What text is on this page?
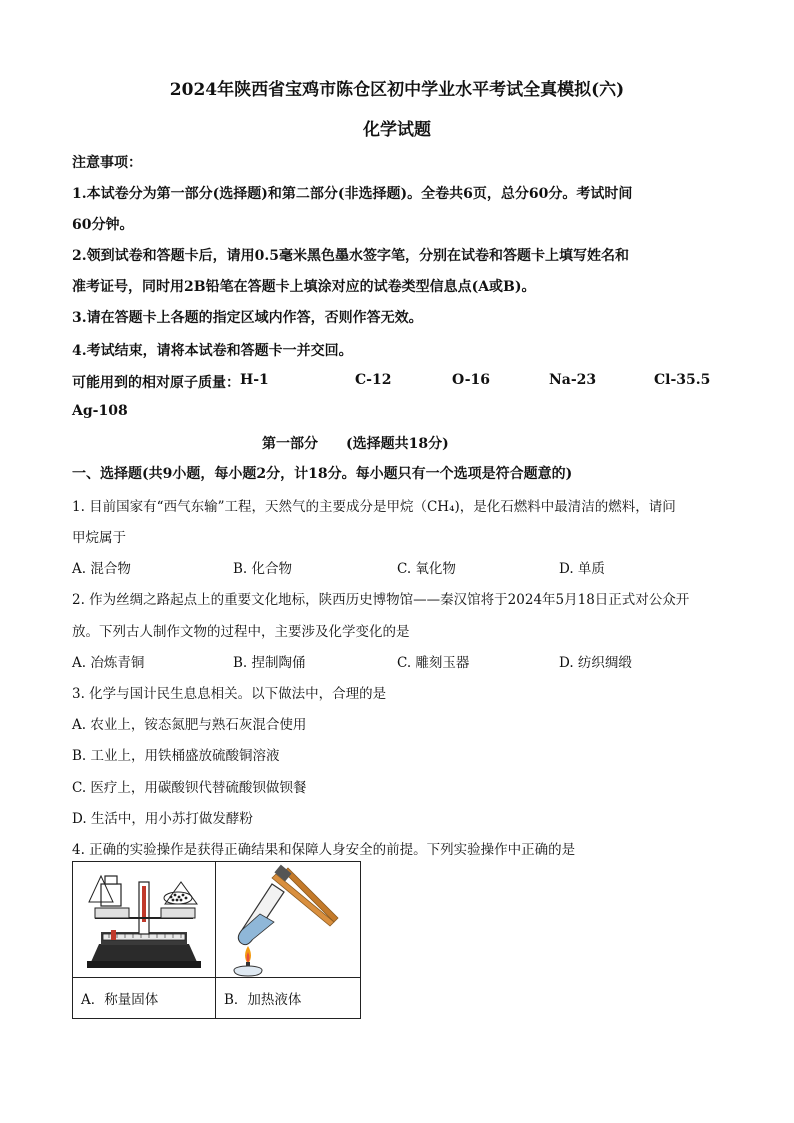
2024年陕西省宝鸡市陈仓区初中学业水平考试全真模拟(六)
化学试题
注意事项：
1.本试卷分为第一部分(选择题)和第二部分(非选择题)。全卷共6页，总分60分。考试时间
60分钟。
2.领到试卷和答题卡后，请用0.5毫米黑色墨水签字笔，分别在试卷和答题卡上填写姓名和
准考证号，同时用2B铅笔在答题卡上填涂对应的试卷类型信息点(A或B)。
3.请在答题卡上各题的指定区域内作答，否则作答无效。
4.考试结束，请将本试卷和答题卡一并交回。
可能用到的相对原子质量： H-1	C-12	O-16	Na-23	Cl-35.5
Ag-108
第一部分　　(选择题共18分)
一、选择题(共9小题，每小题2分，计18分。每小题只有一个选项是符合题意的)
1. 目前国家有“西气东输”工程，天然气的主要成分是甲烷（CH₄)，是化石燃料中最清洁的燃料，请问
甲烷属于
A. 混合物	B. 化合物	C. 氧化物	D. 单质
2. 作为丝绸之路起点上的重要文化地标，陕西历史博物馆——秦汉馆将于2024年5月18日正式对公众开
放。下列古人制作文物的过程中，主要涉及化学变化的是
A. 冶炼青铜	B. 捏制陶俑	C. 雕刻玉器	D. 纺织绸缎
3. 化学与国计民生息息相关。以下做法中，合理的是
A. 农业上，铵态氮肥与熟石灰混合使用
B. 工业上，用铁桶盛放硫酸铜溶液
C. 医疗上，用碳酸钡代替硫酸钡做钡餐
D. 生活中，用小苏打做发酵粉
4. 正确的实验操作是获得正确结果和保障人身安全的前提。下列实验操作中正确的是

A．称量固体	B．加热液体
